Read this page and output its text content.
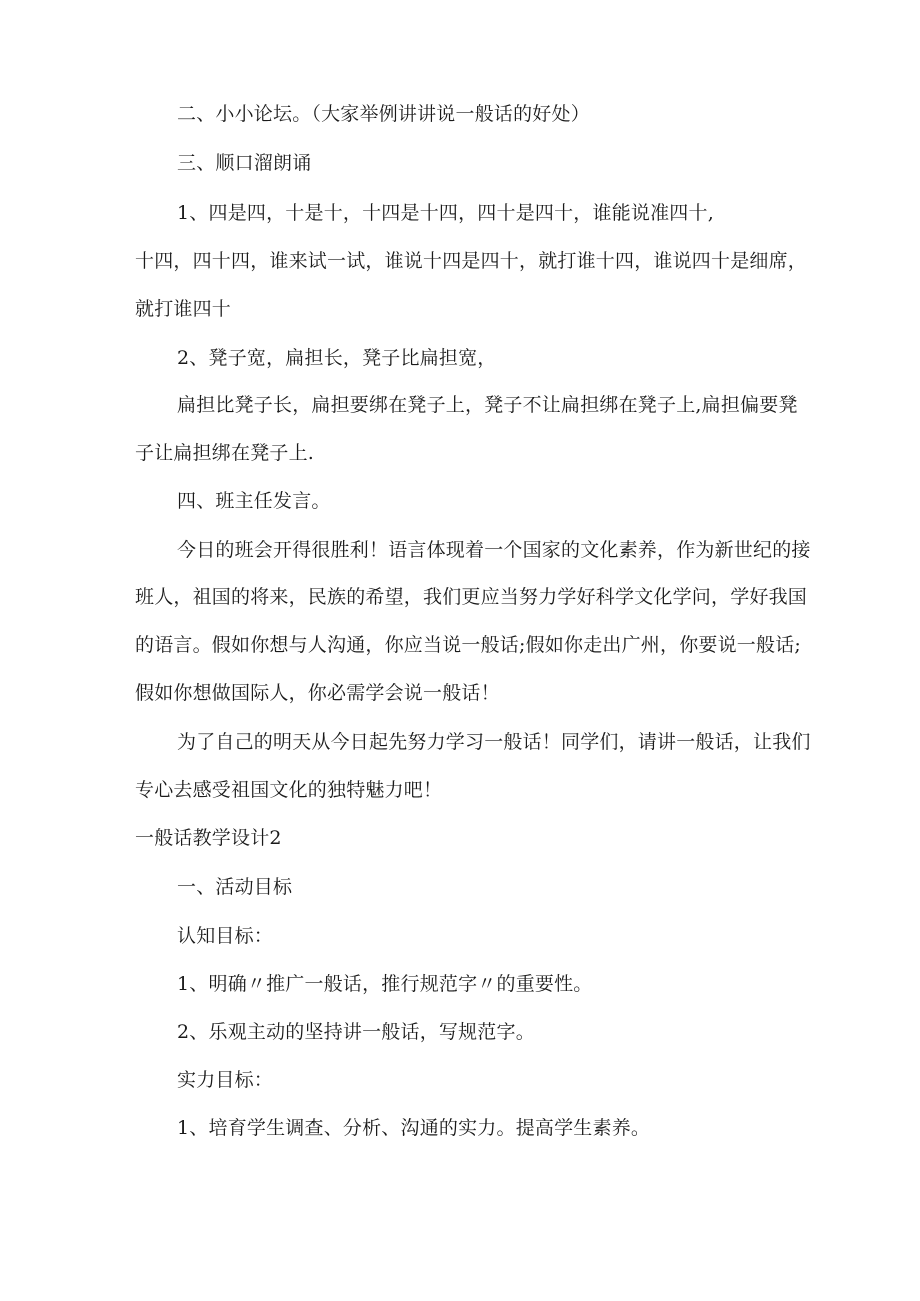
二、小小论坛。（大家举例讲讲说一般话的好处）
三、顺口溜朗诵
1、四是四，十是十，十四是十四，四十是四十，谁能说准四十,
十四，四十四，谁来试一试，谁说十四是四十，就打谁十四，谁说四十是细席，
就打谁四十
2、凳子宽，扁担长，凳子比扁担宽，
扁担比凳子长，扁担要绑在凳子上，凳子不让扁担绑在凳子上,扁担偏要凳
子让扁担绑在凳子上.
四、班主任发言。
今日的班会开得很胜利！语言体现着一个国家的文化素养，作为新世纪的接
班人，祖国的将来，民族的希望，我们更应当努力学好科学文化学问，学好我国
的语言。假如你想与人沟通，你应当说一般话;假如你走出广州，你要说一般话;
假如你想做国际人，你必需学会说一般话！
为了自己的明天从今日起先努力学习一般话！同学们，请讲一般话，让我们
专心去感受祖国文化的独特魅力吧！
一般话教学设计2
一、活动目标
认知目标：
1、明确〃推广一般话，推行规范字〃的重要性。
2、乐观主动的坚持讲一般话，写规范字。
实力目标：
1、培育学生调查、分析、沟通的实力。提高学生素养。
